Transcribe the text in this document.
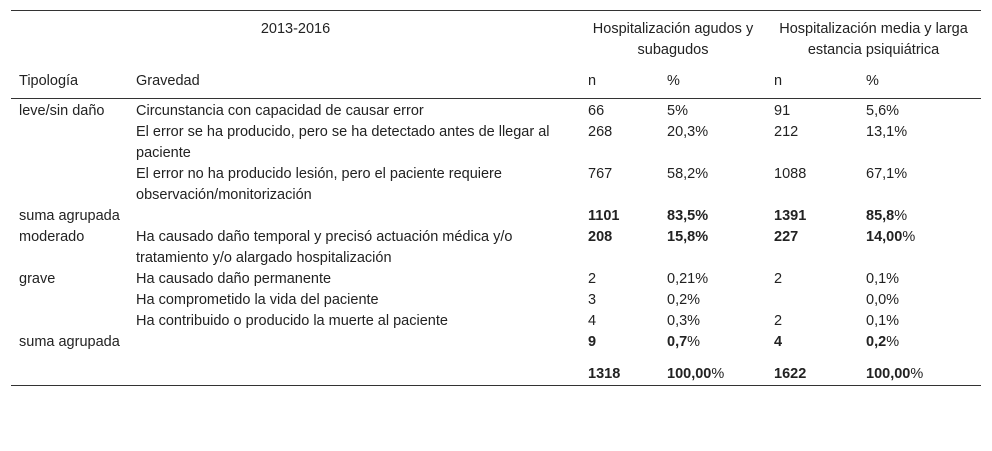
2013-2016		Hospitalización agudos y subagudos		Hospitalización media y larga estancia psiquiátrica	
Tipología	Gravedad	n	%	n	%
leve/sin daño	Circunstancia con capacidad de causar error	66	5%	91	5,6%
	El error se ha producido, pero se ha detectado antes de llegar al paciente	268	20,3%	212	13,1%
	El error no ha producido lesión, pero el paciente requiere observación/monitorización	767	58,2%	1088	67,1%
suma agrupada		1101	83,5%	1391	85,8%
moderado	Ha causado daño temporal y precisó actuación médica y/o tratamiento y/o alargado hospitalización	208	15,8%	227	14,00%
grave	Ha causado daño permanente	2	0,21%	2	0,1%
	Ha comprometido la vida del paciente	3	0,2%		0,0%
	Ha contribuido o producido la muerte al paciente	4	0,3%	2	0,1%
suma agrupada		9	0,7%	4	0,2%
		1318	100,00%	1622	100,00%
